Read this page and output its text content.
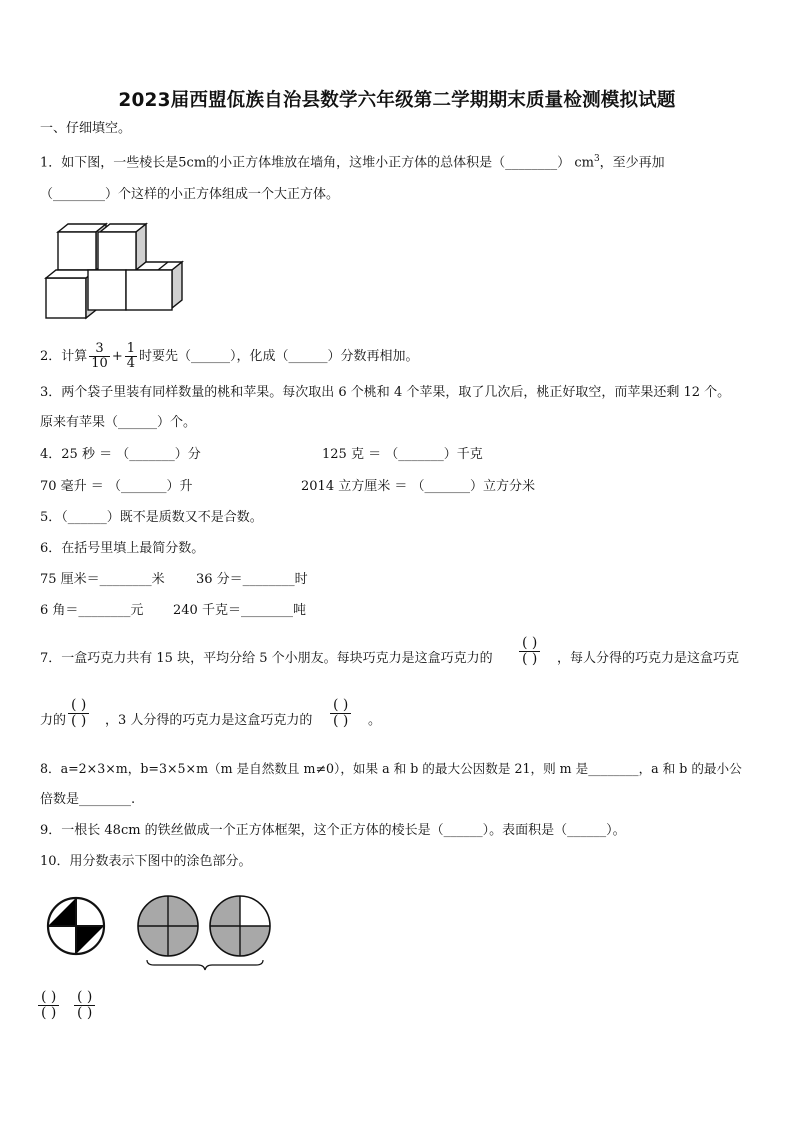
2023届西盟佤族自治县数学六年级第二学期期末质量检测模拟试题
一、仔细填空。
1．如下图，一些棱长是5cm的小正方体堆放在墙角，这堆小正方体的总体积是（________） $cm^3$，至少再加
（________）个这样的小正方体组成一个大正方体。
2．计算 $\frac{3}{10} + \frac{1}{4}$ 时要先（______），化成（______）分数再相加。
3．两个袋子里装有同样数量的桃和苹果。每次取出 6 个桃和 4 个苹果，取了几次后，桃正好取空，而苹果还剩 12 个。
原来有苹果（______）个。
4．25 秒 ＝ （_______）分	125 克 ＝ （_______）千克
70 毫升 ＝ （_______）升	2014 立方厘米 ＝ （_______）立方分米
5．（______）既不是质数又不是合数。
6．在括号里填上最简分数。
75 厘米＝________米 36 分＝________时
6 角＝________元 240 千克＝________吨
7．一盒巧克力共有 15 块，平均分给 5 个小朋友。每块巧克力是这盒巧克力的
( )
( ) ，每人分得的巧克力是这盒巧克
力的
( )
( ) ，3 人分得的巧克力是这盒巧克力的
( )
( ) 。
8．a=2×3×m，b=3×5×m（m 是自然数且 m≠0），如果 a 和 b 的最大公因数是 21，则 m 是________，a 和 b 的最小公
倍数是________.
9．一根长 48cm 的铁丝做成一个正方体框架，这个正方体的棱长是（______）。表面积是（______）。
10．用分数表示下图中的涂色部分。
( )
( )
( )
( )
